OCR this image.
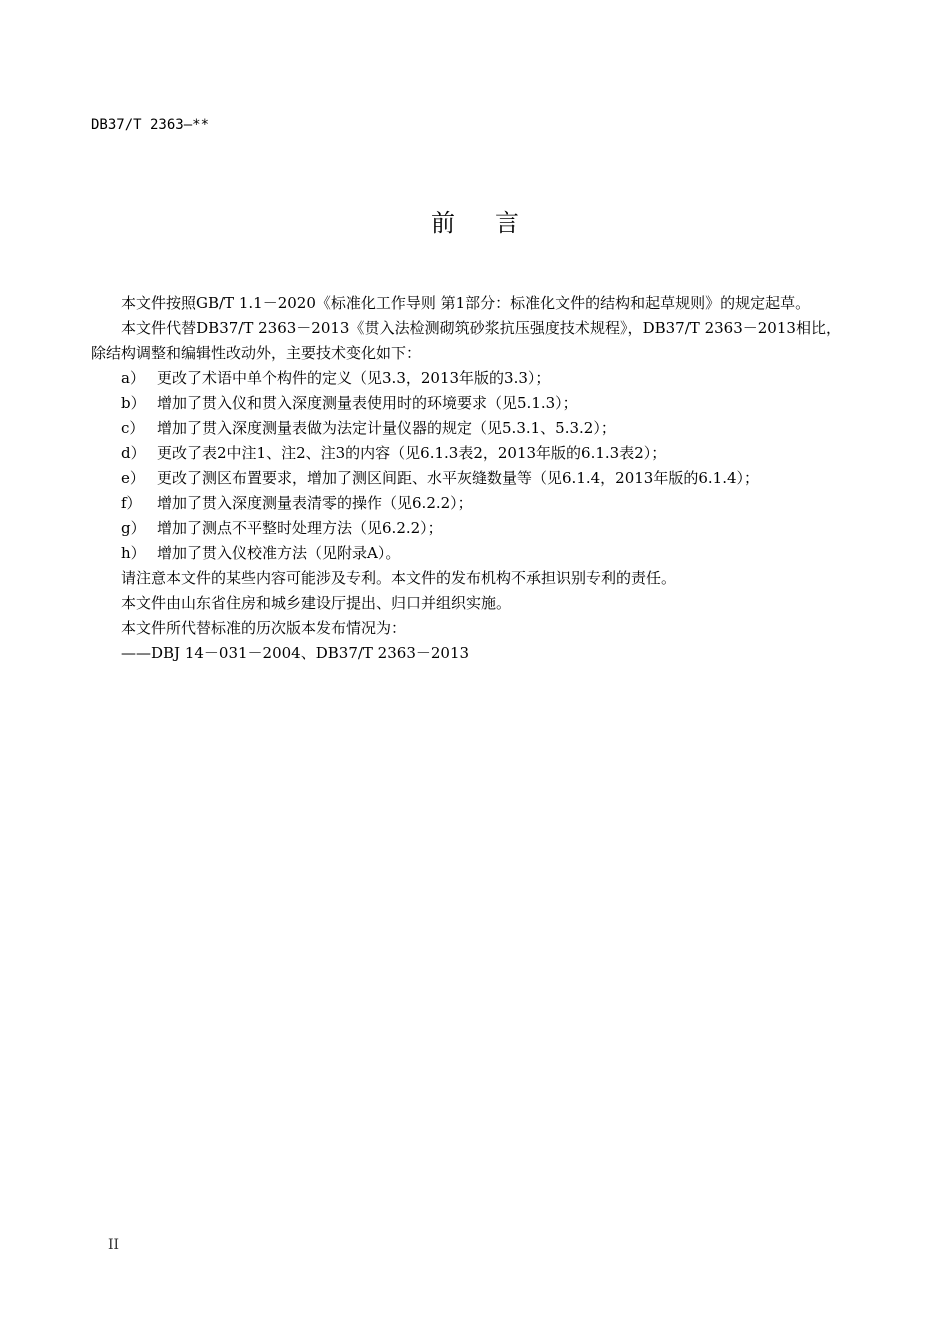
DB37/T 2363—**
前言

本文件按照GB/T 1.1－2020《标准化工作导则 第1部分：标准化文件的结构和起草规则》的规定起草。

本文件代替DB37/T 2363－2013《贯入法检测砌筑砂浆抗压强度技术规程》，DB37/T 2363－2013相比，除结构调整和编辑性改动外，主要技术变化如下：

a） 更改了术语中单个构件的定义（见3.3，2013年版的3.3）；

b） 增加了贯入仪和贯入深度测量表使用时的环境要求（见5.1.3）；

c） 增加了贯入深度测量表做为法定计量仪器的规定（见5.3.1、5.3.2）；

d） 更改了表2中注1、注2、注3的内容（见6.1.3表2，2013年版的6.1.3表2）；

e） 更改了测区布置要求，增加了测区间距、水平灰缝数量等（见6.1.4，2013年版的6.1.4）；

f） 增加了贯入深度测量表清零的操作（见6.2.2）；

g） 增加了测点不平整时处理方法（见6.2.2）；

h） 增加了贯入仪校准方法（见附录A）。

请注意本文件的某些内容可能涉及专利。本文件的发布机构不承担识别专利的责任。

本文件由山东省住房和城乡建设厅提出、归口并组织实施。

本文件所代替标准的历次版本发布情况为：

——DBJ 14－031－2004、DB37/T 2363－2013

II
